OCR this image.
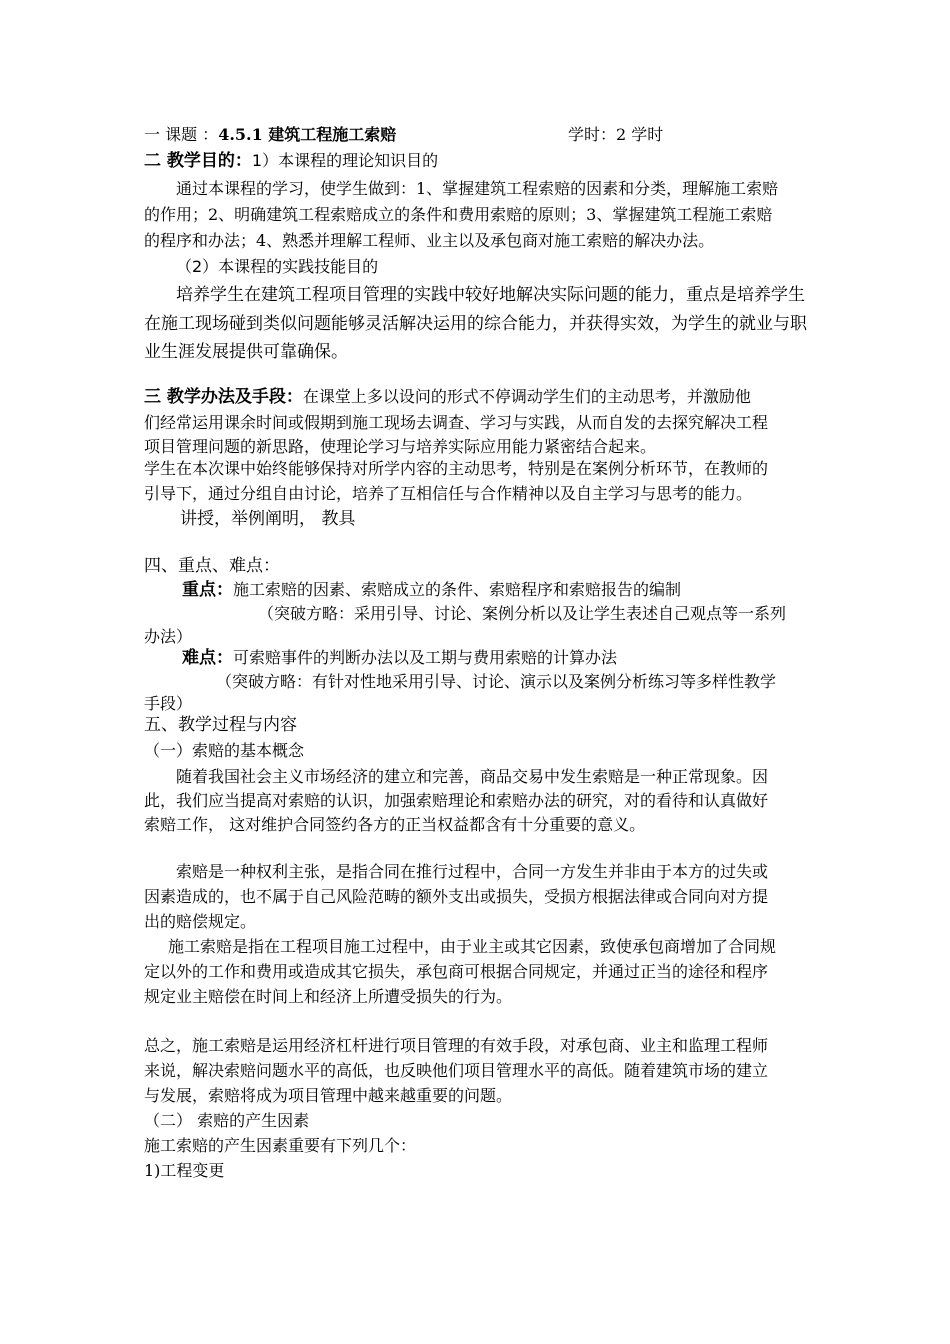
一 课题 ：4.5.1 建筑工程施工索赔	学时：2 学时
二 教学目的：1）本课程的理论知识目的
通过本课程的学习，使学生做到：1、掌握建筑工程索赔的因素和分类，理解施工索赔
的作用；2、明确建筑工程索赔成立的条件和费用索赔的原则；3、掌握建筑工程施工索赔
的程序和办法；4、熟悉并理解工程师、业主以及承包商对施工索赔的解决办法。
（2）本课程的实践技能目的
培养学生在建筑工程项目管理的实践中较好地解决实际问题的能力，重点是培养学生
在施工现场碰到类似问题能够灵活解决运用的综合能力，并获得实效，为学生的就业与职
业生涯发展提供可靠确保。
三 教学办法及手段：在课堂上多以设问的形式不停调动学生们的主动思考，并激励他
们经常运用课余时间或假期到施工现场去调查、学习与实践，从而自发的去探究解决工程
项目管理问题的新思路，使理论学习与培养实际应用能力紧密结合起来。
学生在本次课中始终能够保持对所学内容的主动思考，特别是在案例分析环节，在教师的
引导下，通过分组自由讨论，培养了互相信任与合作精神以及自主学习与思考的能力。
讲授，举例阐明， 教具
四、重点、难点：
重点：施工索赔的因素、索赔成立的条件、索赔程序和索赔报告的编制
（突破方略：采用引导、讨论、案例分析以及让学生表述自己观点等一系列
办法）
难点：可索赔事件的判断办法以及工期与费用索赔的计算办法
（突破方略：有针对性地采用引导、讨论、演示以及案例分析练习等多样性教学
手段）
五、教学过程与内容
（一）索赔的基本概念
随着我国社会主义市场经济的建立和完善，商品交易中发生索赔是一种正常现象。因
此，我们应当提高对索赔的认识，加强索赔理论和索赔办法的研究，对的看待和认真做好
索赔工作， 这对维护合同签约各方的正当权益都含有十分重要的意义。
索赔是一种权利主张，是指合同在推行过程中，合同一方发生并非由于本方的过失或
因素造成的，也不属于自己风险范畴的额外支出或损失，受损方根据法律或合同向对方提
出的赔偿规定。
施工索赔是指在工程项目施工过程中，由于业主或其它因素，致使承包商增加了合同规
定以外的工作和费用或造成其它损失，承包商可根据合同规定，并通过正当的途径和程序
规定业主赔偿在时间上和经济上所遭受损失的行为。
总之，施工索赔是运用经济杠杆进行项目管理的有效手段，对承包商、业主和监理工程师
来说，解决索赔问题水平的高低，也反映他们项目管理水平的高低。随着建筑市场的建立
与发展，索赔将成为项目管理中越来越重要的问题。
（二） 索赔的产生因素
施工索赔的产生因素重要有下列几个：
1)工程变更
